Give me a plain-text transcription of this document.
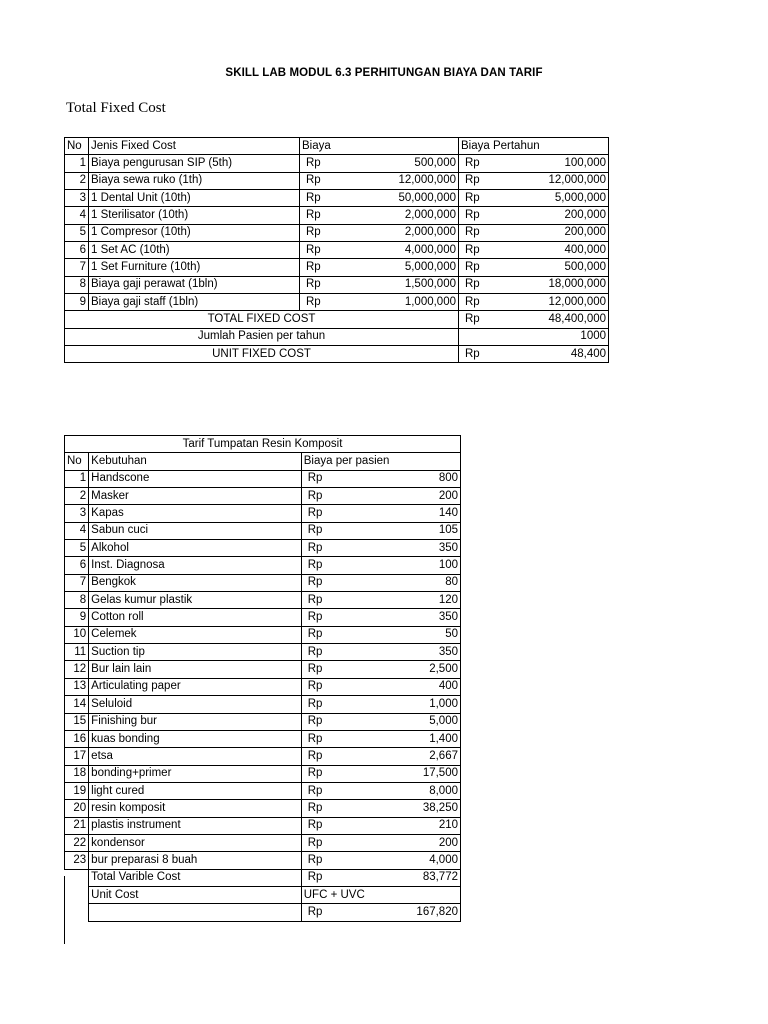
SKILL LAB MODUL 6.3 PERHITUNGAN BIAYA DAN TARIF
Total Fixed Cost
No	Jenis Fixed Cost	Biaya		Biaya Pertahun	
1	Biaya pengurusan SIP (5th)	Rp	500,000	Rp	100,000
2	Biaya sewa ruko (1th)	Rp	12,000,000	Rp	12,000,000
3	1 Dental Unit (10th)	Rp	50,000,000	Rp	5,000,000
4	1 Sterilisator (10th)	Rp	2,000,000	Rp	200,000
5	1 Compresor (10th)	Rp	2,000,000	Rp	200,000
6	1 Set AC (10th)	Rp	4,000,000	Rp	400,000
7	1 Set Furniture (10th)	Rp	5,000,000	Rp	500,000
8	Biaya gaji perawat (1bln)	Rp	1,500,000	Rp	18,000,000
9	Biaya gaji staff (1bln)	Rp	1,000,000	Rp	12,000,000
TOTAL FIXED COST				Rp	48,400,000
Jumlah Pasien per tahun				1000	
UNIT FIXED COST				Rp	48,400
Tarif Tumpatan Resin Komposit			
No	Kebutuhan	Biaya per pasien	
1	Handscone	Rp	800
2	Masker	Rp	200
3	Kapas	Rp	140
4	Sabun cuci	Rp	105
5	Alkohol	Rp	350
6	Inst. Diagnosa	Rp	100
7	Bengkok	Rp	80
8	Gelas kumur plastik	Rp	120
9	Cotton roll	Rp	350
10	Celemek	Rp	50
11	Suction tip	Rp	350
12	Bur lain lain	Rp	2,500
13	Articulating paper	Rp	400
14	Seluloid	Rp	1,000
15	Finishing bur	Rp	5,000
16	kuas bonding	Rp	1,400
17	etsa	Rp	2,667
18	bonding+primer	Rp	17,500
19	light cured	Rp	8,000
20	resin komposit	Rp	38,250
21	plastis instrument	Rp	210
22	kondensor	Rp	200
23	bur preparasi 8 buah	Rp	4,000
	Total Varible Cost	Rp	83,772
	Unit Cost	UFC + UVC	
		Rp	167,820
